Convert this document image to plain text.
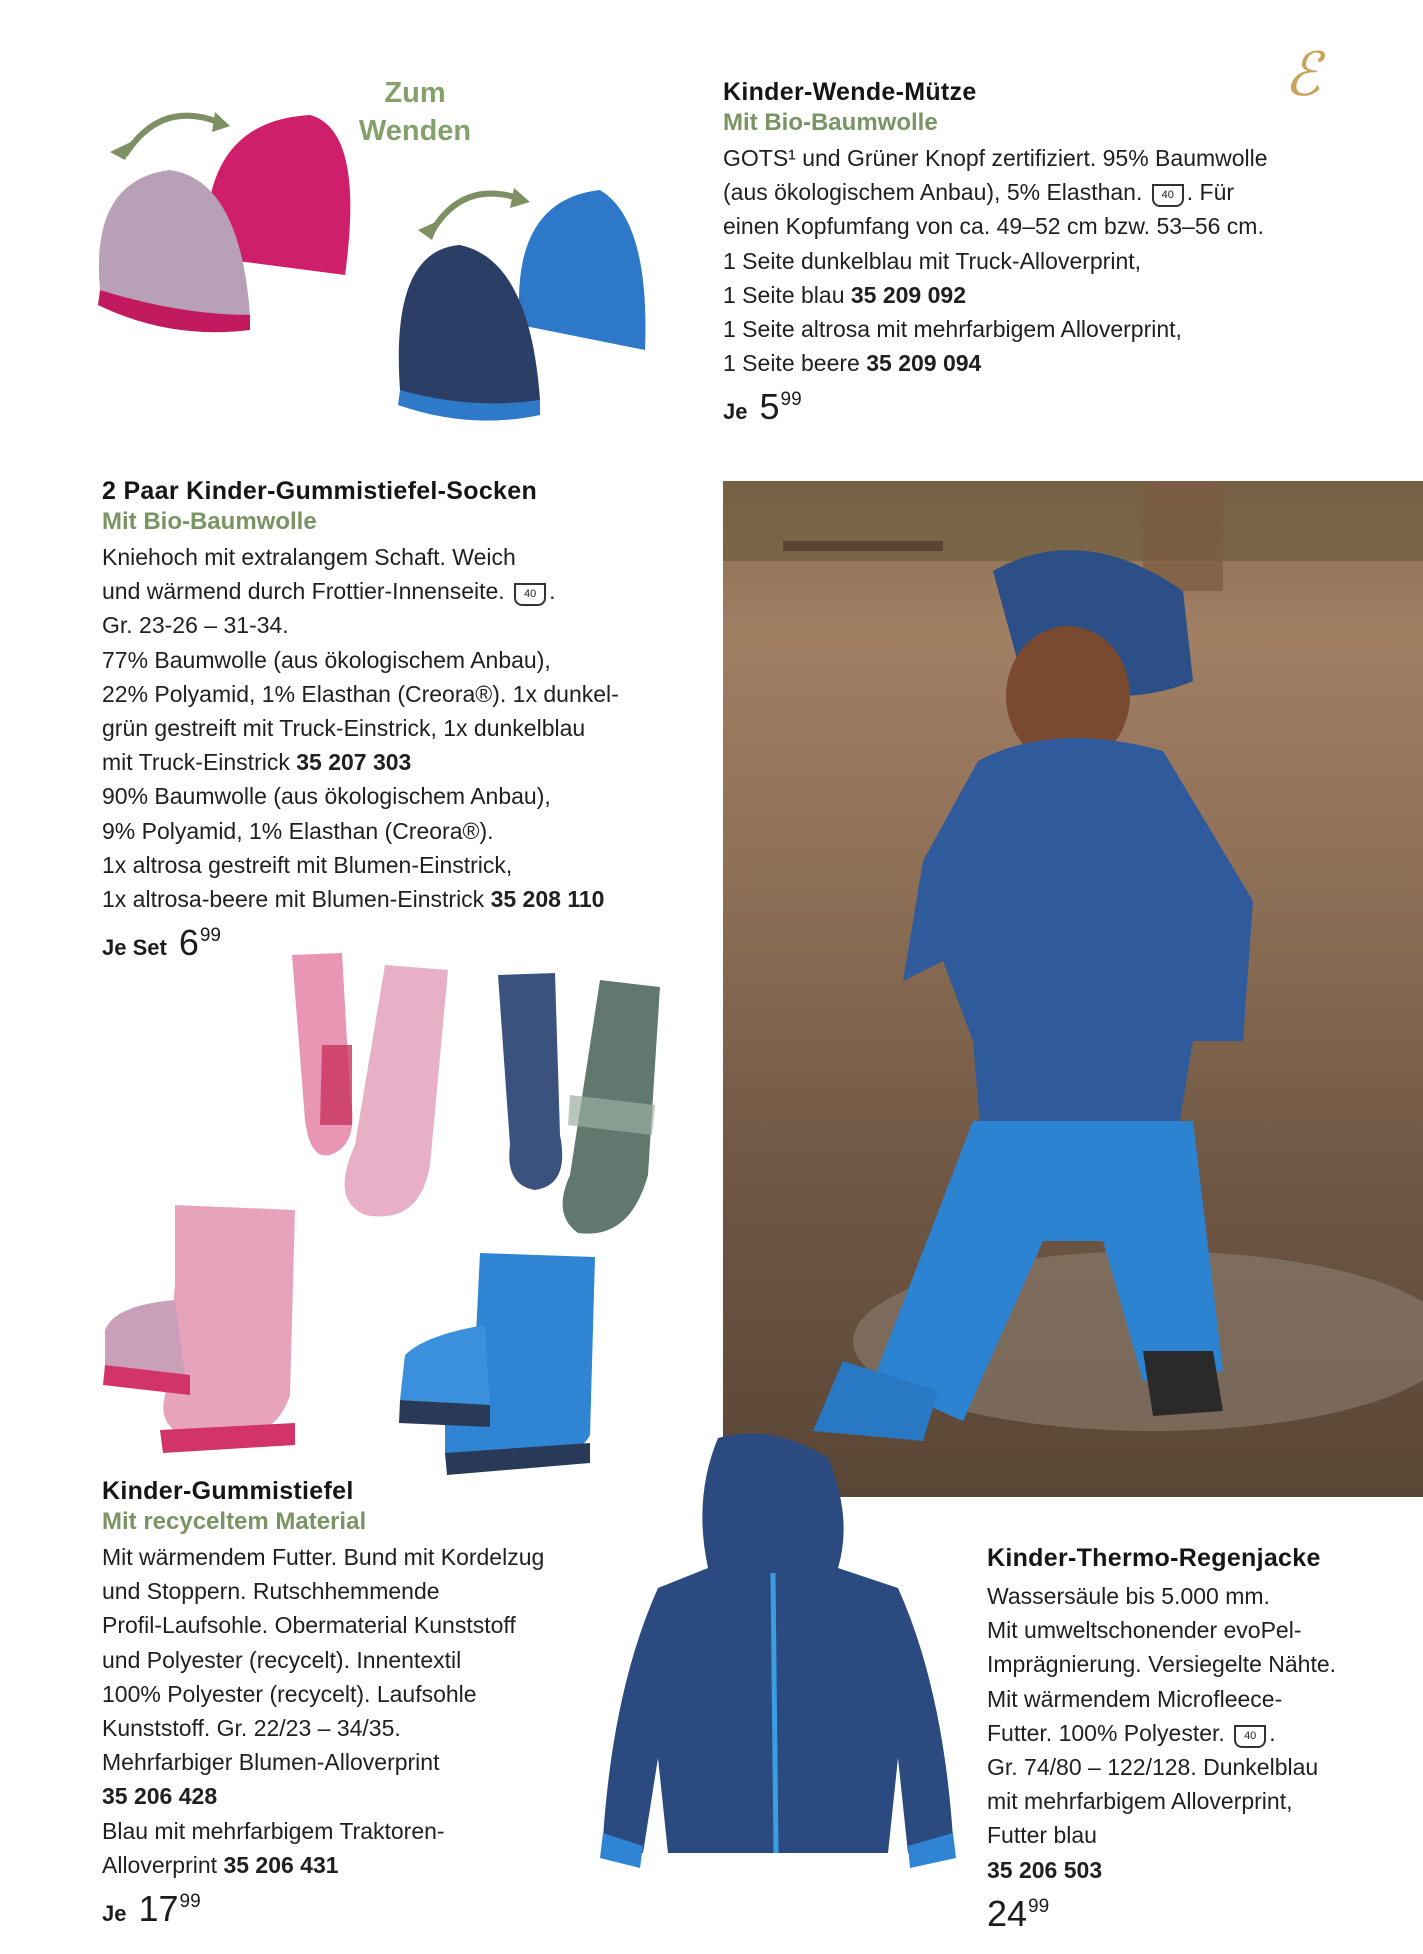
ℰ
Zum
Wenden
Kinder-Wende-Mütze
Mit Bio-Baumwolle
GOTS¹ und Grüner Knopf zertifiziert. 95% Baumwolle
(aus ökologischem Anbau), 5% Elasthan. 40 . Für
einen Kopfumfang von ca. 49–52 cm bzw. 53–56 cm.
1 Seite dunkelblau mit Truck-Alloverprint,
1 Seite blau 35 209 092
1 Seite altrosa mit mehrfarbigem Alloverprint,
1 Seite beere 35 209 094
Je $5^{99}$
2 Paar Kinder-Gummistiefel-Socken
Mit Bio-Baumwolle
Kniehoch mit extralangem Schaft. Weich
und wärmend durch Frottier-Innenseite. 40 .
Gr. 23-26 – 31-34.
77% Baumwolle (aus ökologischem Anbau),
22% Polyamid, 1% Elasthan (Creora®). 1x dunkel-
grün gestreift mit Truck-Einstrick, 1x dunkelblau
mit Truck-Einstrick 35 207 303
90% Baumwolle (aus ökologischem Anbau),
9% Polyamid, 1% Elasthan (Creora®).
1x altrosa gestreift mit Blumen-Einstrick,
1x altrosa-beere mit Blumen-Einstrick 35 208 110
Je Set $6^{99}$
Kinder-Gummistiefel
Mit recyceltem Material
Mit wärmendem Futter. Bund mit Kordelzug
und Stoppern. Rutschhemmende
Profil-Laufsohle. Obermaterial Kunststoff
und Polyester (recycelt). Innentextil
100% Polyester (recycelt). Laufsohle
Kunststoff. Gr. 22/23 – 34/35.
Mehrfarbiger Blumen-Alloverprint
35 206 428
Blau mit mehrfarbigem Traktoren-
Alloverprint 35 206 431
Je $17^{99}$
Kinder-Thermo-Regenjacke
Wassersäule bis 5.000 mm.
Mit umweltschonender evoPel-
Imprägnierung. Versiegelte Nähte.
Mit wärmendem Microfleece-
Futter. 100% Polyester. 40 .
Gr. 74/80 – 122/128. Dunkelblau
mit mehrfarbigem Alloverprint,
Futter blau
35 206 503
$24^{99}$
